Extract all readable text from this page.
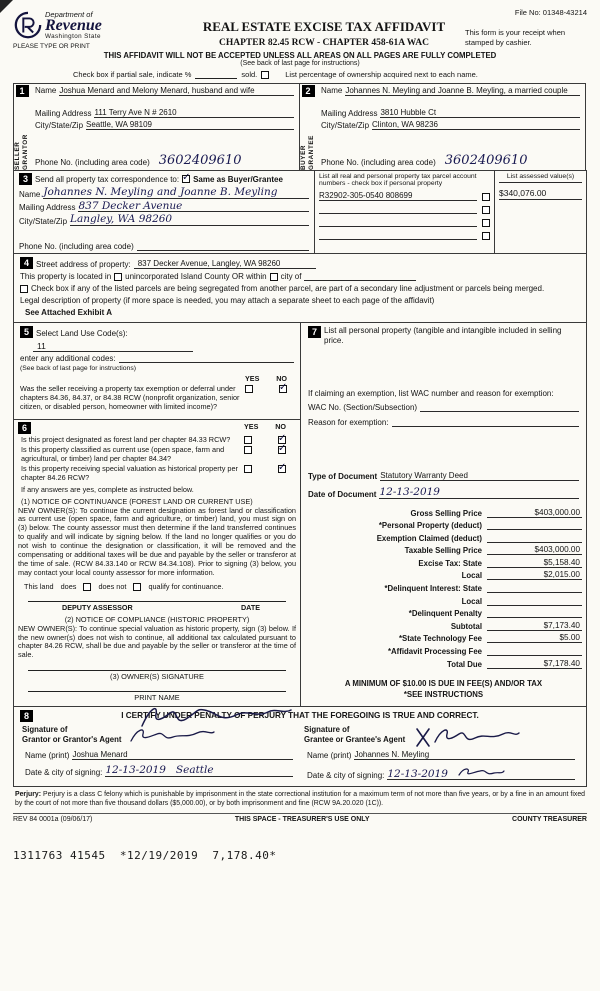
Department of
Revenue
Washington State
PLEASE TYPE OR PRINT
REAL ESTATE EXCISE TAX AFFIDAVIT
CHAPTER 82.45 RCW - CHAPTER 458-61A WAC
File No: 01348-43214
This form is your receipt when stamped by cashier.
THIS AFFIDAVIT WILL NOT BE ACCEPTED UNLESS ALL AREAS ON ALL PAGES ARE FULLY COMPLETED
(See back of last page for instructions)
Check box if partial sale, indicate %	sold.	List percentage of ownership acquired next to each name.
1
SELLER GRANTOR
Name Joshua Menard and Melony Menard, husband and wife
Mailing Address 111 Terry Ave N # 2610
City/State/Zip Seattle, WA 98109
Phone No. (including area code) 3602409610
2
BUYER GRANTEE
Name Johannes N. Meyling and Joanne B. Meyling, a married couple
Mailing Address 3810 Hubble Ct
City/State/Zip Clinton, WA 98236
Phone No. (including area code) 3602409610
3 Send all property tax correspondence to: ✓ Same as Buyer/Grantee
Name Johannes N. Meyling and Joanne B. Meyling
Mailing Address 837 Decker Avenue
City/State/Zip Langley, WA 98260
Phone No. (including area code)
List all real and personal property tax parcel account numbers - check box if personal property
R32902-305-0540 808699
List assessed value(s)
$340,076.00
4 Street address of property: 837 Decker Avenue, Langley, WA 98260
This property is located in unincorporated Island County OR within city of
Check box if any of the listed parcels are being segregated from another parcel, are part of a secondary line adjustment or parcels being merged.
Legal description of property (if more space is needed, you may attach a separate sheet to each page of the affidavit)
See Attached Exhibit A
5 Select Land Use Code(s):
11
enter any additional codes:
(See back of last page for instructions)
YES NO
Was the seller receiving a property tax exemption or deferral under chapters 84.36, 84.37, or 84.38 RCW (nonprofit organization, senior citizen, or disabled person, homeowner with limited income)?
✓
6	YES NO
Is this project designated as forest land per chapter 84.33 RCW?
✓
Is this property classified as current use (open space, farm and agricultural, or timber) land per chapter 84.34?
✓
Is this property receiving special valuation as historical property per chapter 84.26 RCW?
✓
If any answers are yes, complete as instructed below.
(1) NOTICE OF CONTINUANCE (FOREST LAND OR CURRENT USE)
NEW OWNER(S): To continue the current designation as forest land or classification as current use (open space, farm and agriculture, or timber) land, you must sign on (3) below. The county assessor must then determine if the land transferred continues to qualify and will indicate by signing below. If the land no longer qualifies or you do not wish to continue the designation or classification, it will be removed and the compensating or additional taxes will be due and payable by the seller or transferor at the time of sale. (RCW 84.33.140 or RCW 84.34.108). Prior to signing (3) below, you may contact your local county assessor for more information.
This land does	does not	qualify for continuance.
DEPUTY ASSESSOR	DATE
(2) NOTICE OF COMPLIANCE (HISTORIC PROPERTY)
NEW OWNER(S): To continue special valuation as historic property, sign (3) below. If the new owner(s) does not wish to continue, all additional tax calculated pursuant to chapter 84.26 RCW, shall be due and payable by the seller or transferor at the time of sale.
(3) OWNER(S) SIGNATURE
PRINT NAME
7 List all personal property (tangible and intangible included in selling price.
If claiming an exemption, list WAC number and reason for exemption:
WAC No. (Section/Subsection)
Reason for exemption:
Type of Document Statutory Warranty Deed
Date of Document 12-13-2019
Gross Selling Price	$403,000.00
*Personal Property (deduct)
Exemption Claimed (deduct)
Taxable Selling Price	$403,000.00
Excise Tax: State	$5,158.40
Local	$2,015.00
*Delinquent Interest: State
Local
*Delinquent Penalty
Subtotal	$7,173.40
*State Technology Fee	$5.00
*Affidavit Processing Fee
Total Due	$7,178.40
A MINIMUM OF $10.00 IS DUE IN FEE(S) AND/OR TAX
*SEE INSTRUCTIONS
8	I CERTIFY UNDER PENALTY OF PERJURY THAT THE FOREGOING IS TRUE AND CORRECT.
Signature of
Grantor or Grantor's Agent
Name (print) Joshua Menard
Date & city of signing: 12-13-2019 Seattle
Signature of
Grantee or Grantee's Agent
Name (print) Johannes N. Meyling
Date & city of signing: 12-13-2019
Perjury: Perjury is a class C felony which is punishable by imprisonment in the state correctional institution for a maximum term of not more than five years, or by a fine in an amount fixed by the court of not more than five thousand dollars ($5,000.00), or by both imprisonment and fine (RCW 9A.20.020 (1C)).
REV 84 0001a (09/06/17)	THIS SPACE - TREASURER'S USE ONLY	COUNTY TREASURER
1311763 41545  *12/19/2019  7,178.40*
